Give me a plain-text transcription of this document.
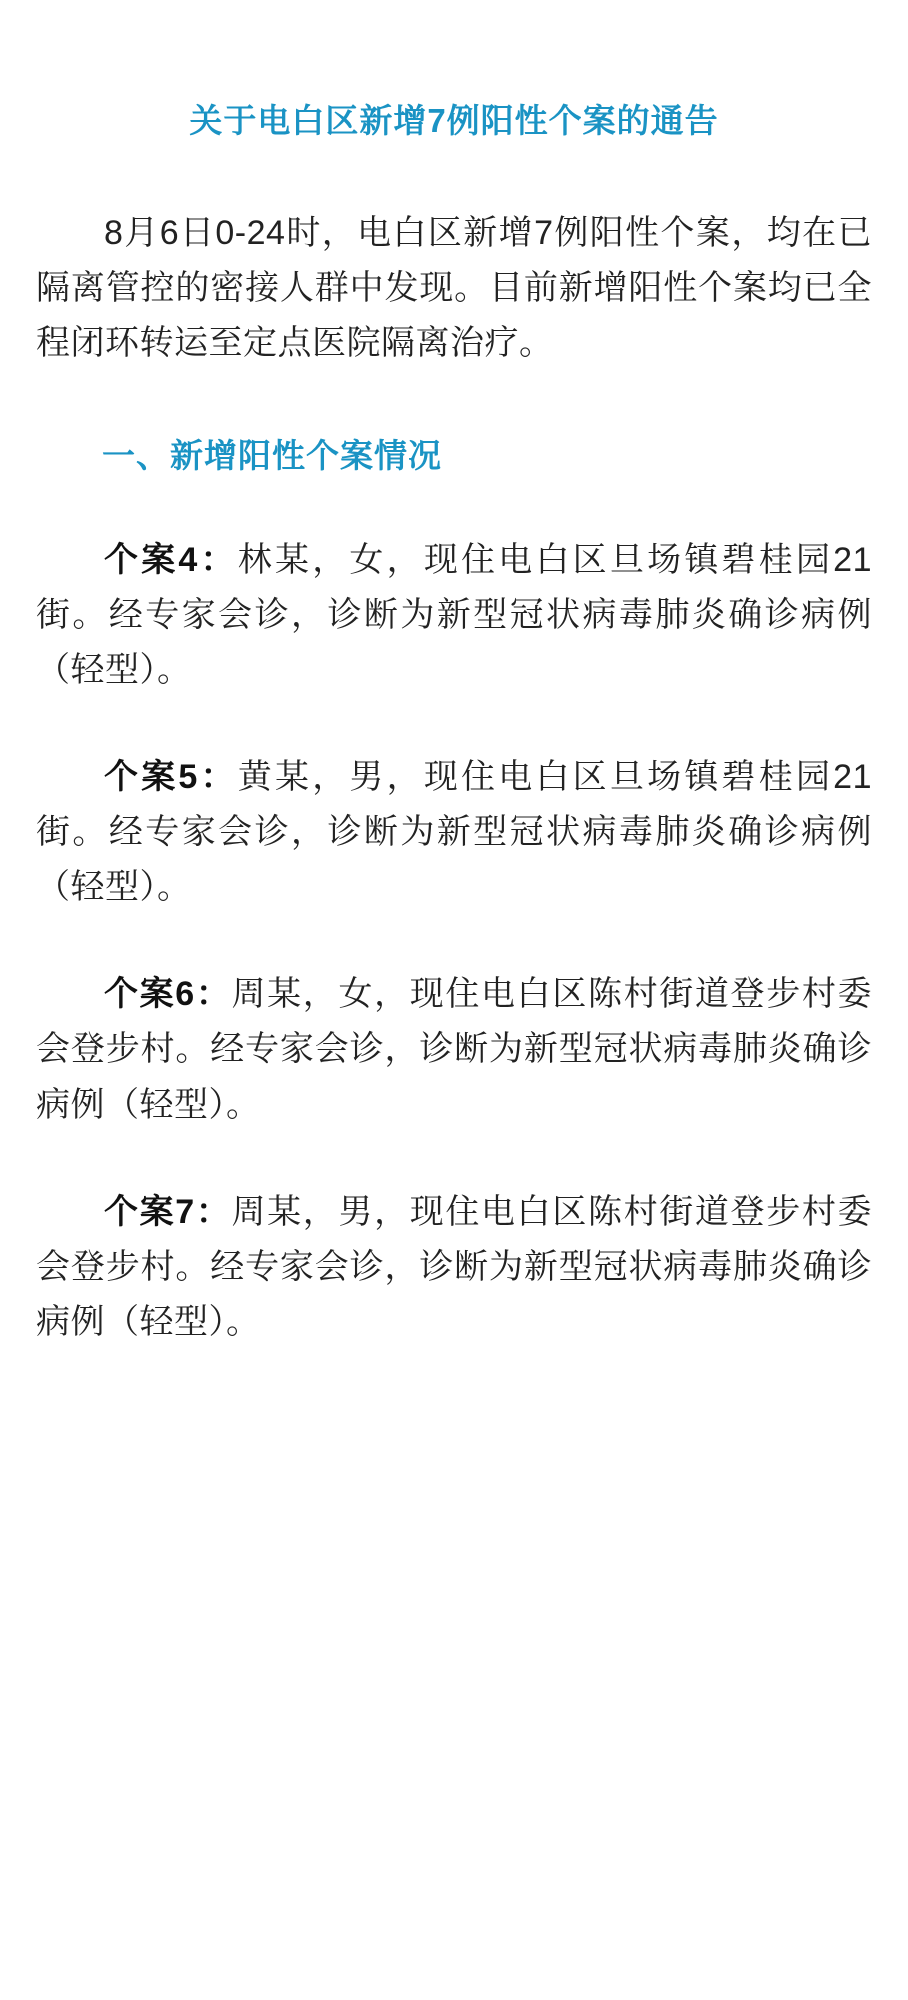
关于电白区新增7例阳性个案的通告

8月6日0-24时，电白区新增7例阳性个案，均在已隔离管控的密接人群中发现。目前新增阳性个案均已全程闭环转运至定点医院隔离治疗。

一、新增阳性个案情况

个案4：林某，女，现住电白区旦场镇碧桂园21街。经专家会诊，诊断为新型冠状病毒肺炎确诊病例（轻型）。

个案5：黄某，男，现住电白区旦场镇碧桂园21街。经专家会诊，诊断为新型冠状病毒肺炎确诊病例（轻型）。

个案6：周某，女，现住电白区陈村街道登步村委会登步村。经专家会诊，诊断为新型冠状病毒肺炎确诊病例（轻型）。

个案7：周某，男，现住电白区陈村街道登步村委会登步村。经专家会诊，诊断为新型冠状病毒肺炎确诊病例（轻型）。
